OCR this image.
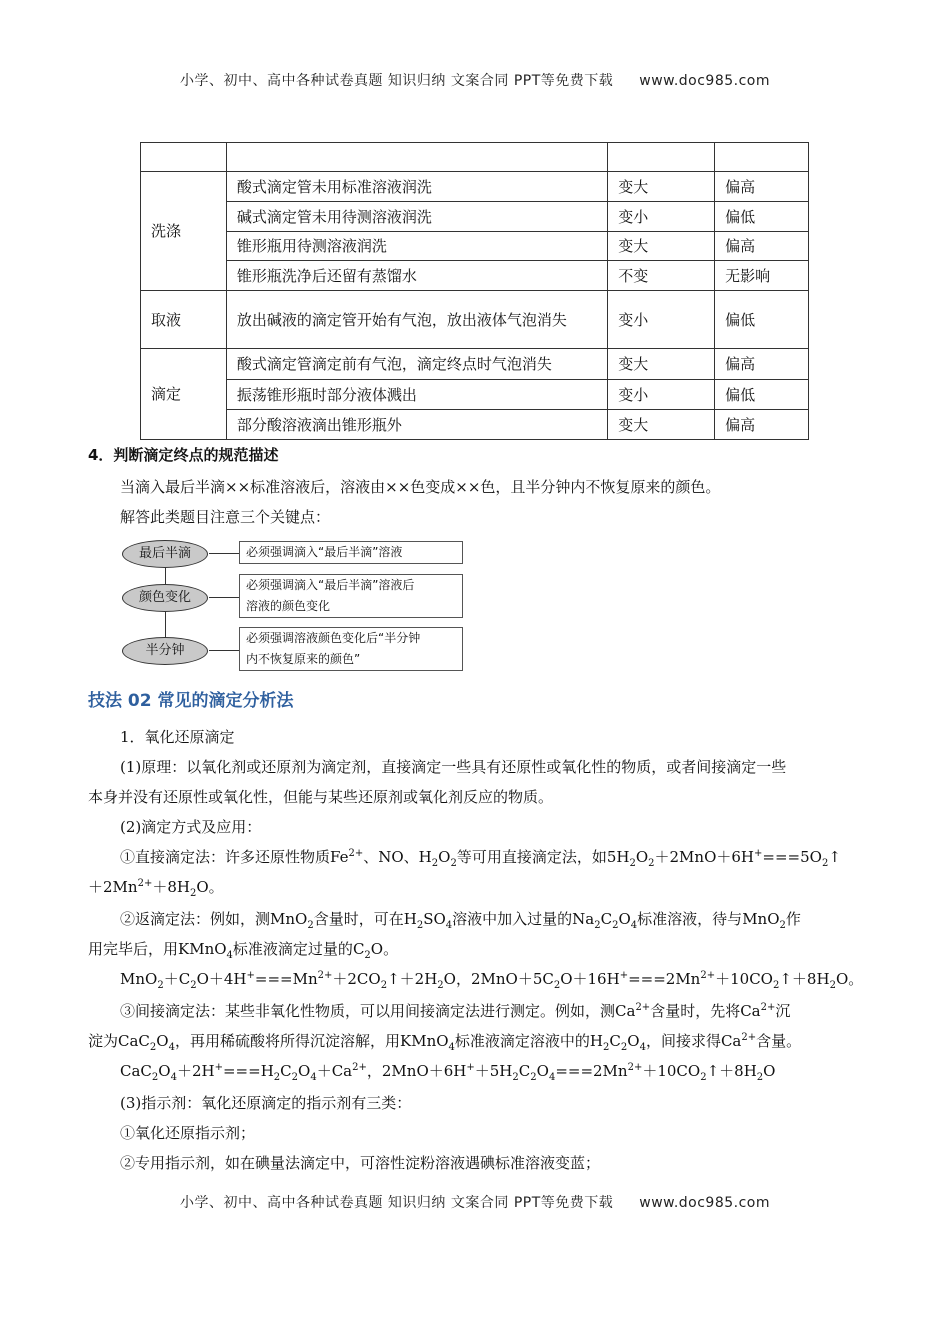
小学、初中、高中各种试卷真题 知识归纳 文案合同 PPT等免费下载 www.doc985.com

洗涤	酸式滴定管未用标准溶液润洗	变大	偏高
	碱式滴定管未用待测溶液润洗	变小	偏低
	锥形瓶用待测溶液润洗	变大	偏高
	锥形瓶洗净后还留有蒸馏水	不变	无影响
取液	放出碱液的滴定管开始有气泡，放出液体气泡消失	变小	偏低
滴定	酸式滴定管滴定前有气泡，滴定终点时气泡消失	变大	偏高
	振荡锥形瓶时部分液体溅出	变小	偏低
	部分酸溶液滴出锥形瓶外	变大	偏高
4．判断滴定终点的规范描述
当滴入最后半滴××标准溶液后，溶液由××色变成××色，且半分钟内不恢复原来的颜色。
解答此类题目注意三个关键点：
最后半滴	必须强调滴入“最后半滴”溶液
颜色变化
必须强调滴入“最后半滴”溶液后
溶液的颜色变化
半分钟
必须强调溶液颜色变化后“半分钟
内不恢复原来的颜色”
技法 02 常见的滴定分析法
1．氧化还原滴定
(1)原理：以氧化剂或还原剂为滴定剂，直接滴定一些具有还原性或氧化性的物质，或者间接滴定一些
本身并没有还原性或氧化性，但能与某些还原剂或氧化剂反应的物质。
(2)滴定方式及应用：
①直接滴定法：许多还原性物质$Fe^{2+}$、NO、$H_2O_2$等可用直接滴定法，如$5H_2O_2+2MnO+6H^+===5O_2↑$
$+2Mn^{2+}+8H_2O$。
②返滴定法：例如，测MnO$_2$含量时，可在$H_2SO_4$溶液中加入过量的$Na_2C_2O_4$标准溶液，待与MnO$_2$作
用完毕后，用KMnO$_4$标准液滴定过量的$C_2O$。
$MnO_2+C_2O+4H^+===Mn^{2+}+2CO_2↑+2H_2O$，$2MnO+5C_2O+16H^+===2Mn^{2+}+10CO_2↑+8H_2O$。
③间接滴定法：某些非氧化性物质，可以用间接滴定法进行测定。例如，测$Ca^{2+}$含量时，先将$Ca^{2+}$沉
淀为$CaC_2O_4$，再用稀硫酸将所得沉淀溶解，用KMnO$_4$标准液滴定溶液中的$H_2C_2O_4$，间接求得$Ca^{2+}$含量。
$CaC_2O_4+2H^+===H_2C_2O_4+Ca^{2+}$，$2MnO+6H^++5H_2C_2O_4===2Mn^{2+}+10CO_2↑+8H_2O$
(3)指示剂：氧化还原滴定的指示剂有三类：
①氧化还原指示剂；
②专用指示剂，如在碘量法滴定中，可溶性淀粉溶液遇碘标准溶液变蓝；
小学、初中、高中各种试卷真题 知识归纳 文案合同 PPT等免费下载 www.doc985.com
